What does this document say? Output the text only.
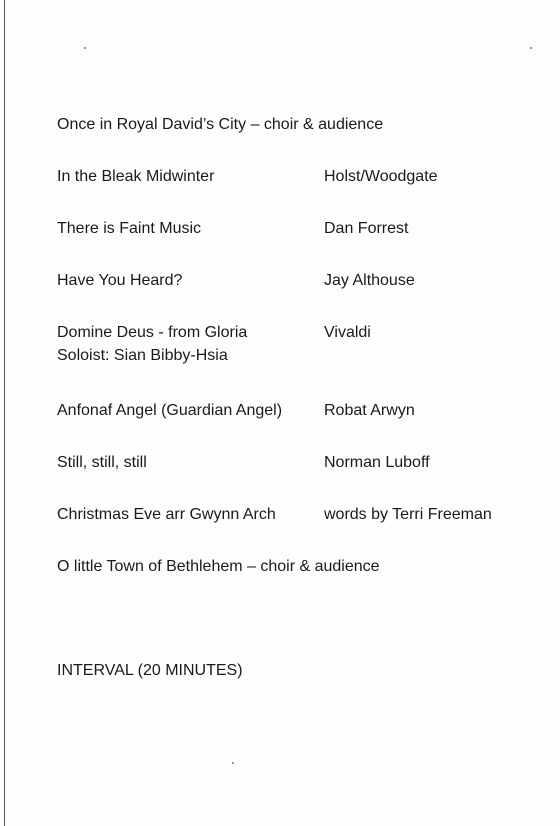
Once in Royal David’s City – choir & audience
In the Bleak Midwinter	Holst/Woodgate
There is Faint Music	Dan Forrest
Have You Heard?	Jay Althouse
Domine Deus - from Gloria	Vivaldi
Soloist: Sian Bibby-Hsia
Anfonaf Angel (Guardian Angel)	Robat Arwyn
Still, still, still	Norman Luboff
Christmas Eve arr Gwynn Arch	words by Terri Freeman
O little Town of Bethlehem – choir & audience
INTERVAL (20 MINUTES)
